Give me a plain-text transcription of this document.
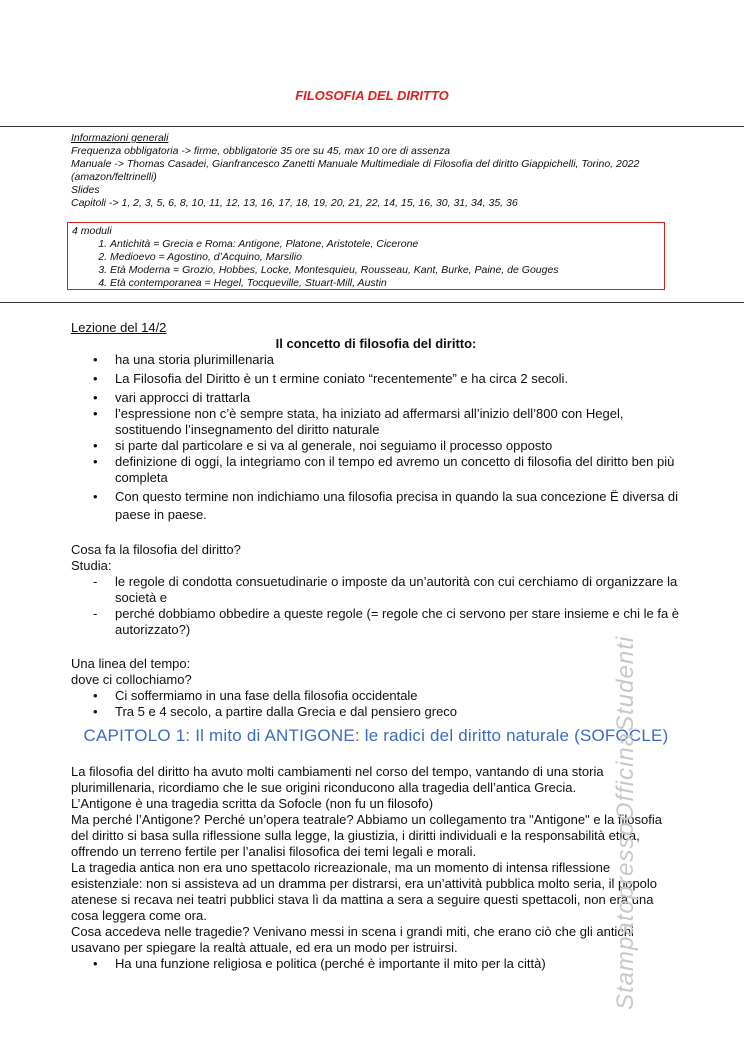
FILOSOFIA DEL DIRITTO
Informazioni generali
Frequenza obbligatoria -> firme, obbligatorie 35 ore su 45, max 10 ore di assenza
Manuale -> Thomas Casadei, Gianfrancesco Zanetti Manuale Multimediale di Filosofia del diritto Giappichelli, Torino, 2022 (amazon/feltrinelli)
Slides
Capitoli -> 1, 2, 3, 5, 6, 8, 10, 11, 12, 13, 16, 17, 18, 19, 20, 21, 22, 14, 15, 16, 30, 31, 34, 35, 36
4 moduli
1. Antichità = Grecia e Roma: Antigone, Platone, Aristotele, Cicerone
2. Medioevo = Agostino, d’Acquino, Marsilio
3. Età Moderna = Grozio, Hobbes, Locke, Montesquieu, Rousseau, Kant, Burke, Paine, de Gouges
4. Età contemporanea = Hegel, Tocqueville, Stuart-Mill, Austin

Lezione del 14/2

Il concetto di filosofia del diritto:

• ha una storia plurimillenaria
• La Filosofia del Diritto è un t ermine coniato “recentemente” e ha circa 2 secoli.
• vari approcci di trattarla
• l’espressione non c’è sempre stata, ha iniziato ad affermarsi all’inizio dell’800 con Hegel, sostituendo l’insegnamento del diritto naturale
• si parte dal particolare e si va al generale, noi seguiamo il processo opposto
• definizione di oggi, la integriamo con il tempo ed avremo un concetto di filosofia del diritto ben più completa
• Con questo termine non indichiamo una filosofia precisa in quando la sua concezione Ë diversa di paese in paese.

Cosa fa la filosofia del diritto?

Studia:

- le regole di condotta consuetudinarie o imposte da un’autorità con cui cerchiamo di organizzare la società e
- perché dobbiamo obbedire a queste regole (= regole che ci servono per stare insieme e chi le fa è autorizzato?)

Una linea del tempo:

dove ci collochiamo?

• Ci soffermiamo in una fase della filosofia occidentale
• Tra 5 e 4 secolo, a partire dalla Grecia e dal pensiero greco
CAPITOLO 1: Il mito di ANTIGONE: le radici del diritto naturale (SOFOCLE)

La filosofia del diritto ha avuto molti cambiamenti nel corso del tempo, vantando di una storia plurimillenaria, ricordiamo che le sue origini riconducono alla tragedia dell’antica Grecia.

L’Antigone è una tragedia scritta da Sofocle (non fu un filosofo)

Ma perché l’Antigone? Perché un’opera teatrale? Abbiamo un collegamento tra "Antigone" e la filosofia del diritto si basa sulla riflessione sulla legge, la giustizia, i diritti individuali e la responsabilità etica, offrendo un terreno fertile per l’analisi filosofica dei temi legali e morali.

La tragedia antica non era uno spettacolo ricreazionale, ma un momento di intensa riflessione esistenziale: non si assisteva ad un dramma per distrarsi, era un’attività pubblica molto seria, il popolo atenese si recava nei teatri pubblici stava lì da mattina a sera a seguire questi spettacoli, non era una cosa leggera come ora.

Cosa accedeva nelle tragedie? Venivano messi in scena i grandi miti, che erano ciò che gli antichi usavano per spiegare la realtà attuale, ed era un modo per istruirsi.

• Ha una funzione religiosa e politica (perché è importante il mito per la città)	StampatopressoOfficinaStudenti
